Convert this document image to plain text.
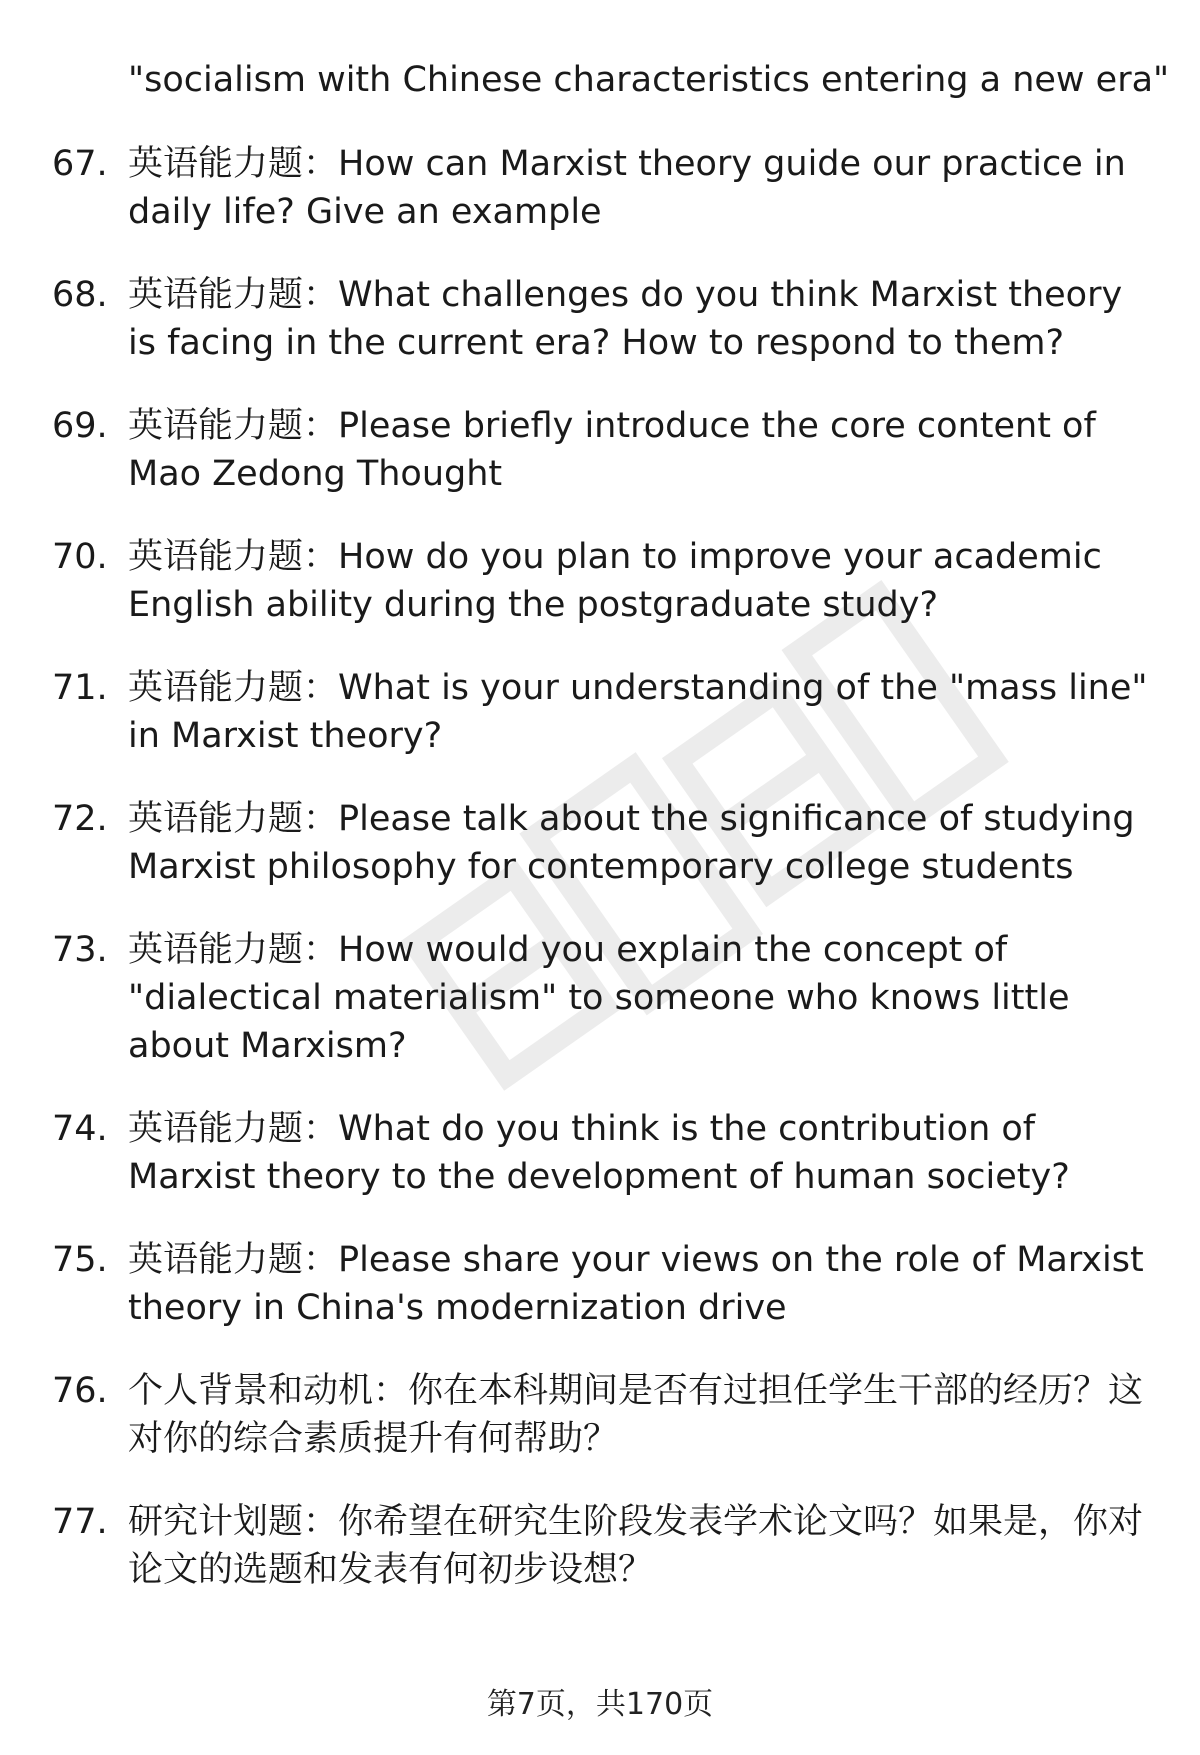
"socialism with Chinese characteristics entering a new era"
67. 英语能力题：How can Marxist theory guide our practice in daily life? Give an example
68. 英语能力题：What challenges do you think Marxist theory is facing in the current era? How to respond to them?
69. 英语能力题：Please briefly introduce the core content of Mao Zedong Thought
70. 英语能力题：How do you plan to improve your academic English ability during the postgraduate study?
71. 英语能力题：What is your understanding of the "mass line" in Marxist theory?
72. 英语能力题：Please talk about the significance of studying Marxist philosophy for contemporary college students
73. 英语能力题：How would you explain the concept of "dialectical materialism" to someone who knows little about Marxism?
74. 英语能力题：What do you think is the contribution of Marxist theory to the development of human society?
75. 英语能力题：Please share your views on the role of Marxist theory in China's modernization drive
76. 个人背景和动机：你在本科期间是否有过担任学生干部的经历？这对你的综合素质提升有何帮助？
77. 研究计划题：你希望在研究生阶段发表学术论文吗？如果是，你对论文的选题和发表有何初步设想？
第7页，共170页
